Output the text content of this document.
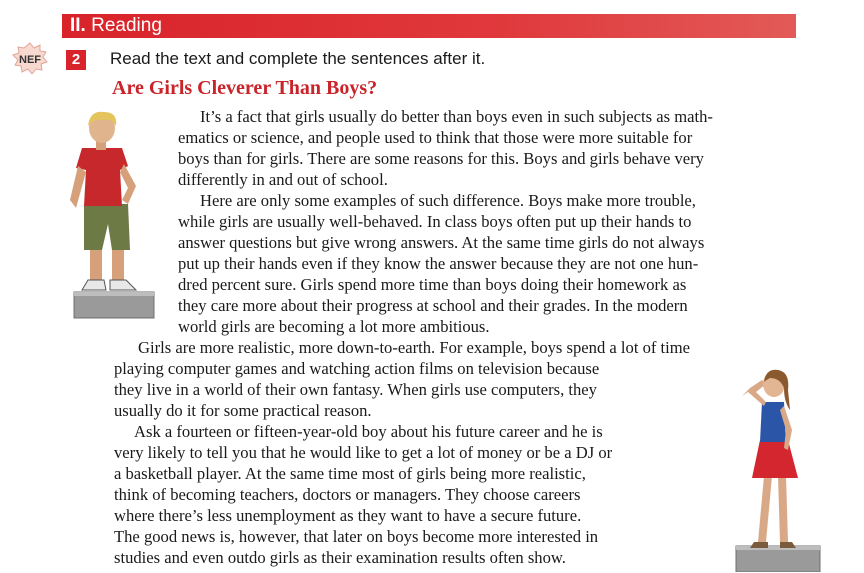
II. Reading
NEF	2	Read the text and complete the sentences after it.
Are Girls Cleverer Than Boys?
It’s a fact that girls usually do better than boys even in such subjects as math-
ematics or science, and people used to think that those were more suitable for
boys than for girls. There are some reasons for this. Boys and girls behave very
differently in and out of school.
Here are only some examples of such difference. Boys make more trouble,
while girls are usually well-behaved. In class boys often put up their hands to
answer questions but give wrong answers. At the same time girls do not always
put up their hands even if they know the answer because they are not one hun-
dred percent sure. Girls spend more time than boys doing their homework as
they care more about their progress at school and their grades. In the modern
world girls are becoming a lot more ambitious.
Girls are more realistic, more down-to-earth. For example, boys spend a lot of time
playing computer games and watching action films on television because
they live in a world of their own fantasy. When girls use computers, they
usually do it for some practical reason.
Ask a fourteen or fifteen-year-old boy about his future career and he is
very likely to tell you that he would like to get a lot of money or be a DJ or
a basketball player. At the same time most of girls being more realistic,
think of becoming teachers, doctors or managers. They choose careers
where there’s less unemployment as they want to have a secure future.
The good news is, however, that later on boys become more interested in
studies and even outdo girls as their examination results often show.
